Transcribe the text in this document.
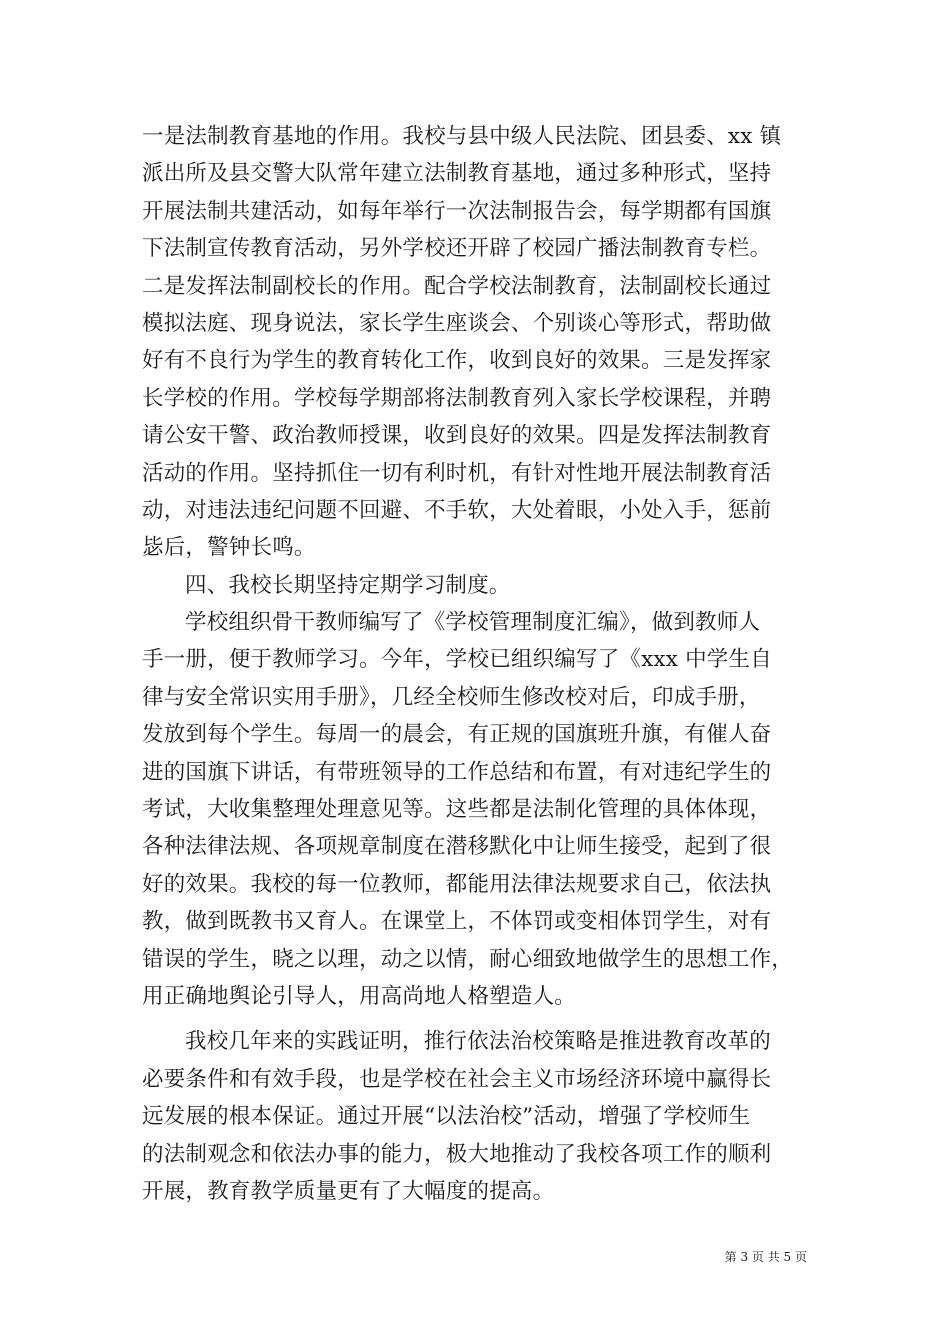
一是法制教育基地的作用。我校与县中级人民法院、团县委、xx 镇
派出所及县交警大队常年建立法制教育基地，通过多种形式，坚持
开展法制共建活动，如每年举行一次法制报告会，每学期都有国旗
下法制宣传教育活动，另外学校还开辟了校园广播法制教育专栏。
二是发挥法制副校长的作用。配合学校法制教育，法制副校长通过
模拟法庭、现身说法，家长学生座谈会、个别谈心等形式，帮助做
好有不良行为学生的教育转化工作，收到良好的效果。三是发挥家
长学校的作用。学校每学期部将法制教育列入家长学校课程，并聘
请公安干警、政治教师授课，收到良好的效果。四是发挥法制教育
活动的作用。坚持抓住一切有利时机，有针对性地开展法制教育活
动，对违法违纪问题不回避、不手软，大处着眼，小处入手，惩前
毖后，警钟长鸣。
四、我校长期坚持定期学习制度。
学校组织骨干教师编写了《学校管理制度汇编》，做到教师人
手一册，便于教师学习。今年，学校已组织编写了《xxx 中学生自
律与安全常识实用手册》，几经全校师生修改校对后，印成手册，
发放到每个学生。每周一的晨会，有正规的国旗班升旗，有催人奋
进的国旗下讲话，有带班领导的工作总结和布置，有对违纪学生的
考试，大收集整理处理意见等。这些都是法制化管理的具体体现，
各种法律法规、各项规章制度在潜移默化中让师生接受，起到了很
好的效果。我校的每一位教师，都能用法律法规要求自己，依法执
教，做到既教书又育人。在课堂上，不体罚或变相体罚学生，对有
错误的学生，晓之以理，动之以情，耐心细致地做学生的思想工作，
用正确地舆论引导人，用高尚地人格塑造人。
我校几年来的实践证明，推行依法治校策略是推进教育改革的
必要条件和有效手段，也是学校在社会主义市场经济环境中赢得长
远发展的根本保证。通过开展“以法治校”活动，增强了学校师生
的法制观念和依法办事的能力，极大地推动了我校各项工作的顺利
开展，教育教学质量更有了大幅度的提高。
第 3 页 共 5 页
